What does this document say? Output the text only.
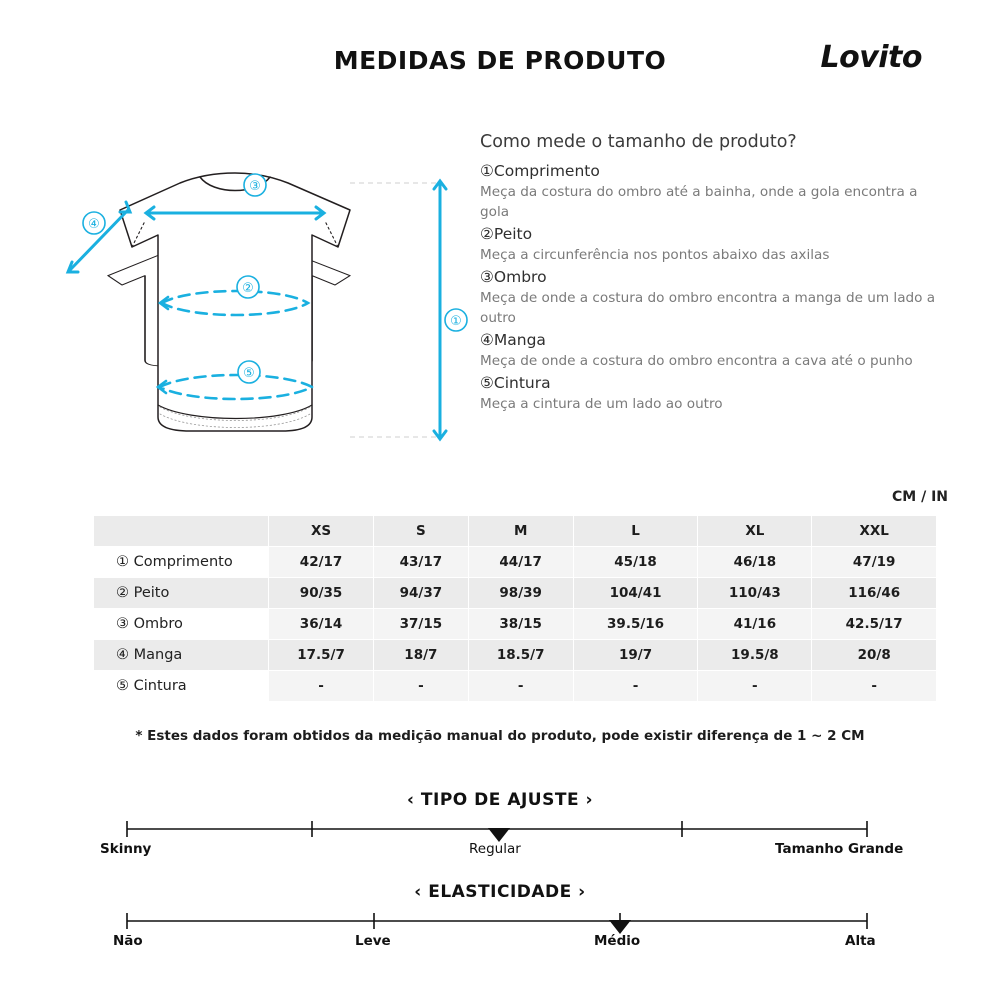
MEDIDAS DE PRODUTO	Lovito
③
④
②
⑤
①
Como mede o tamanho de produto?
①Comprimento
Meça da costura do ombro até a bainha, onde a gola encontra a gola
②Peito
Meça a circunferência nos pontos abaixo das axilas
③Ombro
Meça de onde a costura do ombro encontra a manga de um lado a outro
④Manga
Meça de onde a costura do ombro encontra a cava até o punho
⑤Cintura
Meça a cintura de um lado ao outro
CM / IN
	XS	S	M	L	XL	XXL
① Comprimento	42/17	43/17	44/17	45/18	46/18	47/19
② Peito	90/35	94/37	98/39	104/41	110/43	116/46
③ Ombro	36/14	37/15	38/15	39.5/16	41/16	42.5/17
④ Manga	17.5/7	18/7	18.5/7	19/7	19.5/8	20/8
⑤ Cintura	-	-	-	-	-	-
* Estes dados foram obtidos da medição manual do produto, pode existir diferença de 1 ~ 2 CM
‹ TIPO DE AJUSTE ›
Skinny	Regular	Tamanho Grande
‹ ELASTICIDADE ›
Não	Leve	Médio	Alta
